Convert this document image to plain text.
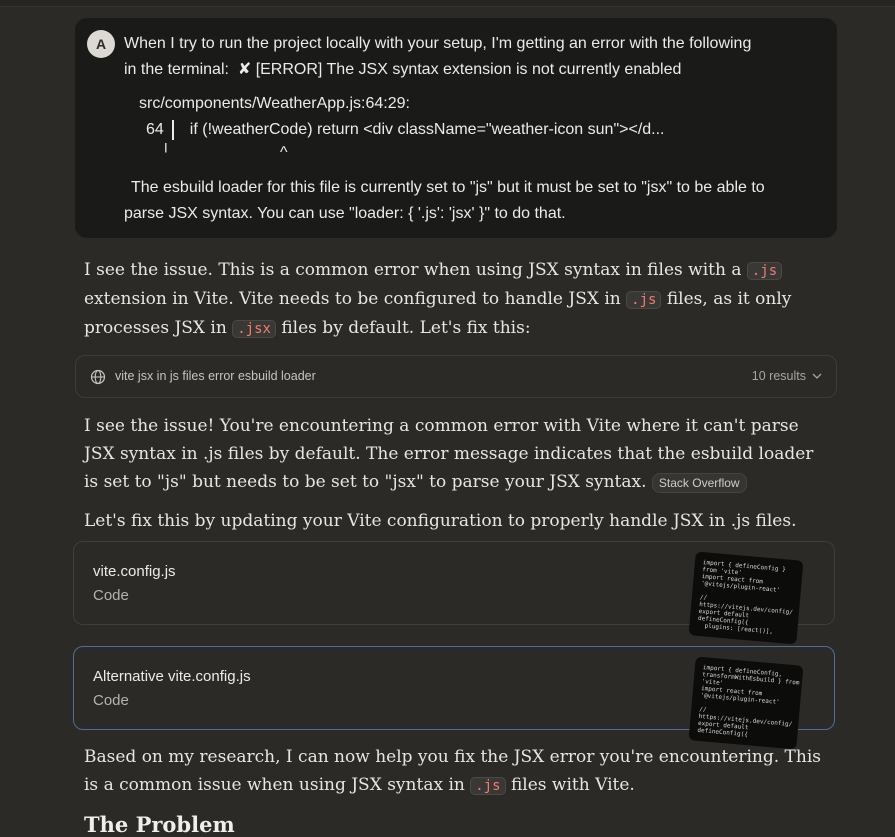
A	When I try to run the project locally with your setup, I'm getting an error with the following
in the terminal: ✘ [ERROR] The JSX syntax extension is not currently enabled
src/components/WeatherApp.js:64:29:
64 if (!weatherCode) return <div className="weather-icon sun"></d...
╵	^
The esbuild loader for this file is currently set to "js" but it must be set to "jsx" to be able to
parse JSX syntax. You can use "loader: { '.js': 'jsx' }" to do that.
I see the issue. This is a common error when using JSX syntax in files with a .js extension in Vite. Vite needs to be configured to handle JSX in .js files, as it only processes JSX in .jsx files by default. Let's fix this:
vite jsx in js files error esbuild loader	10 results
I see the issue! You're encountering a common error with Vite where it can't parse JSX syntax in .js files by default. The error message indicates that the esbuild loader is set to "js" but needs to be set to "jsx" to parse your JSX syntax. Stack Overflow
Let's fix this by updating your Vite configuration to properly handle JSX in .js files.
vite.config.js
Code
import { defineConfig }
from 'vite'
import react from
'@vitejs/plugin-react'

//
https://vitejs.dev/config/
export default
defineConfig({
plugins: [react()],
Alternative vite.config.js
Code
import { defineConfig,
transformWithEsbuild } from
'vite'
import react from
'@vitejs/plugin-react'

//
https://vitejs.dev/config/
export default
defineConfig({
Based on my research, I can now help you fix the JSX error you're encountering. This is a common issue when using JSX syntax in .js files with Vite.
The Problem
